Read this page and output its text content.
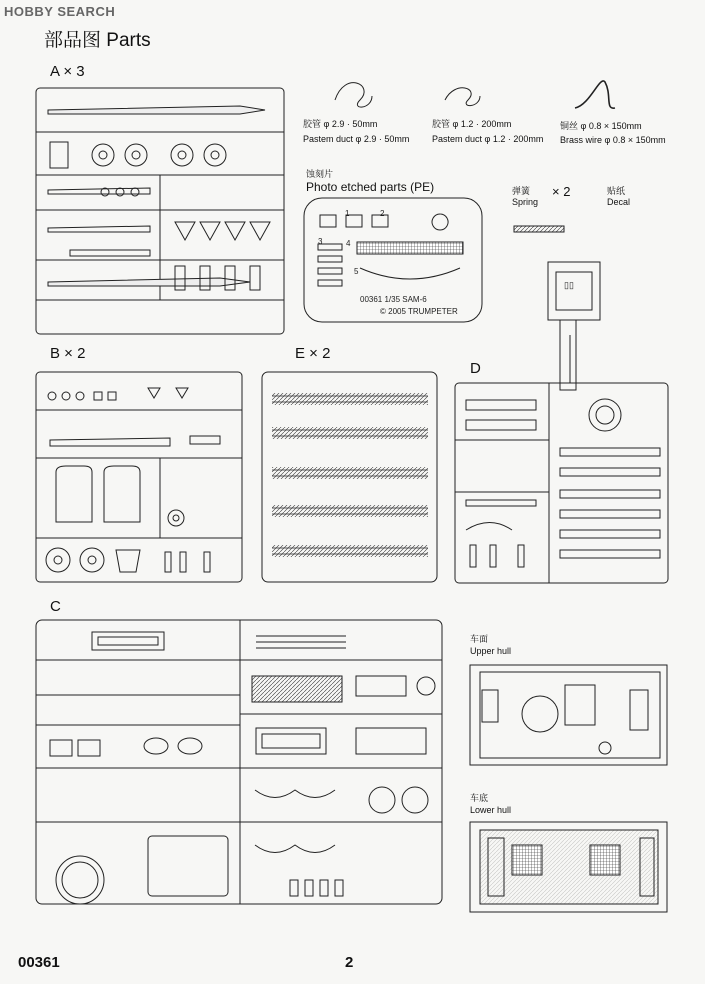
HOBBY SEARCH
部品图 Parts
A × 3
B × 2	E × 2
D
C
胶管 φ 2.9 · 50mm
Pastem duct φ 2.9 · 50mm
胶管 φ 1.2 · 200mm
Pastem duct φ 1.2 · 200mm
铜丝 φ 0.8 × 150mm
Brass wire φ 0.8 × 150mm
蚀刻片
Photo etched parts (PE)	弹簧
Spring
× 2	贴纸
Decal
车面
Upper hull
车底
Lower hull
00361	2
1	2
3	4
5
00361 1/35 SAM-6
© 2005 TRUMPETER
▯▯
